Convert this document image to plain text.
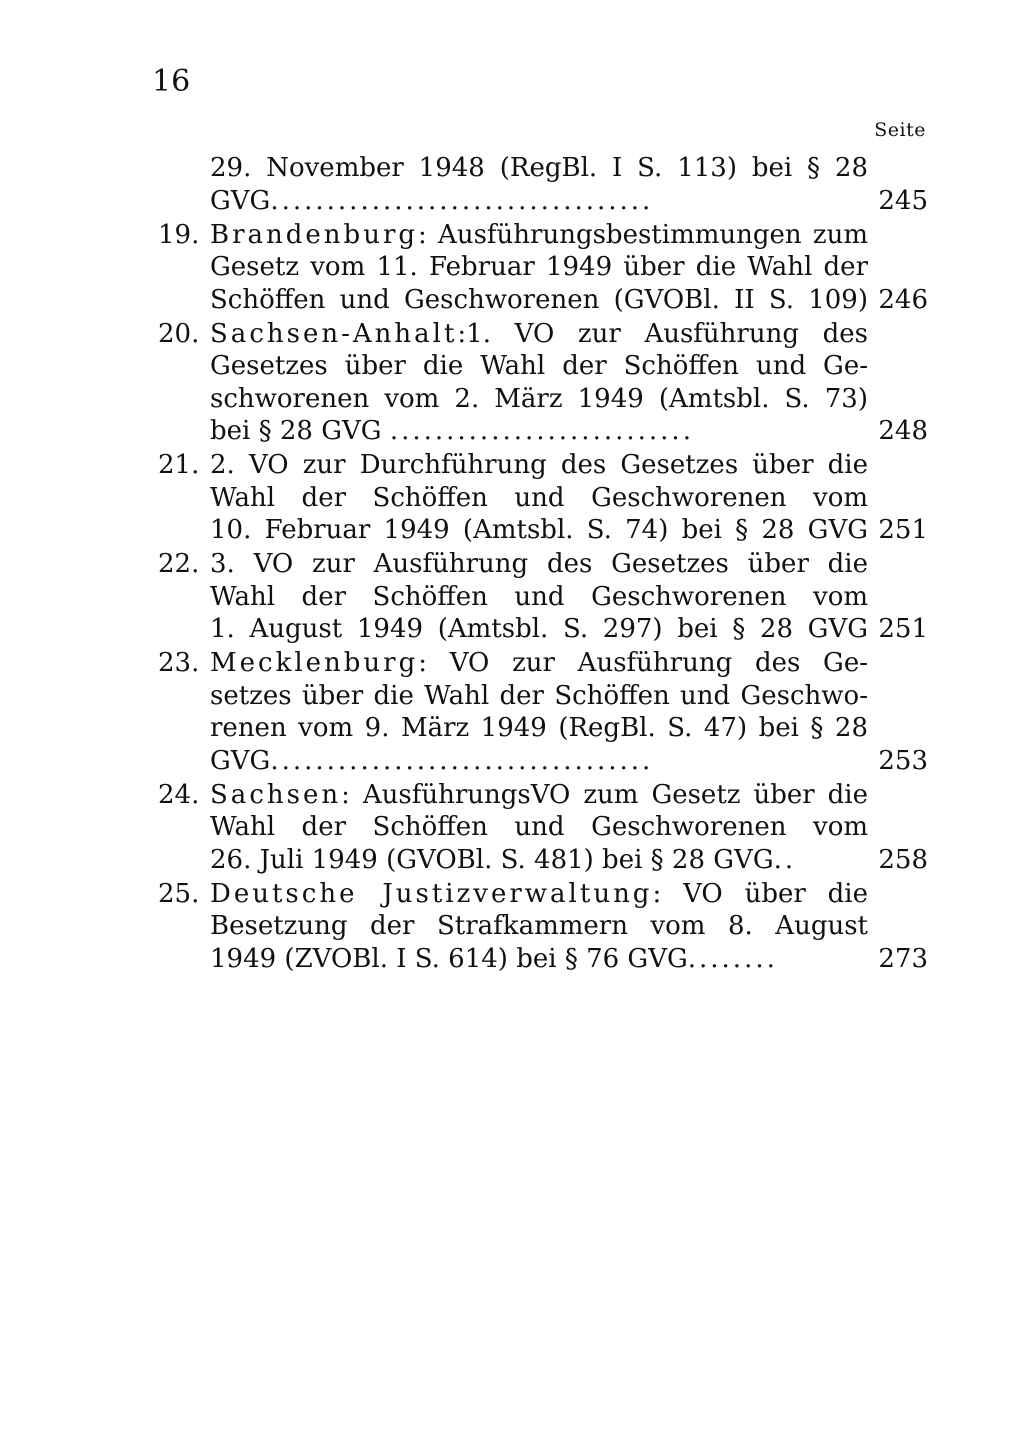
16
Seite
29. November 1948 (RegBl. I S. 113) bei § 28
GVG..................................	245
19. Brandenburg: Ausführungsbestimmungen zum
Gesetz vom 11. Februar 1949 über die Wahl der
Schöffen und Geschworenen (GVOBl. II S. 109) 246
20. Sachsen-Anhalt:1. VO zur Ausführung des
Gesetzes über die Wahl der Schöffen und Ge-
schworenen vom 2. März 1949 (Amtsbl. S. 73)
bei § 28 GVG ...........................	248
21. 2. VO zur Durchführung des Gesetzes über die
Wahl der Schöffen und Geschworenen vom
10. Februar 1949 (Amtsbl. S. 74) bei § 28 GVG 251
22. 3. VO zur Ausführung des Gesetzes über die
Wahl der Schöffen und Geschworenen vom
1. August 1949 (Amtsbl. S. 297) bei § 28 GVG 251
23. Mecklenburg: VO zur Ausführung des Ge-
setzes über die Wahl der Schöffen und Geschwo-
renen vom 9. März 1949 (RegBl. S. 47) bei § 28
GVG..................................	253
24. Sachsen: AusführungsVO zum Gesetz über die
Wahl der Schöffen und Geschworenen vom
26. Juli 1949 (GVOBl. S. 481) bei § 28 GVG..	258
25. Deutsche Justizverwaltung: VO über die
Besetzung der Strafkammern vom 8. August
1949 (ZVOBl. I S. 614) bei § 76 GVG........	273
